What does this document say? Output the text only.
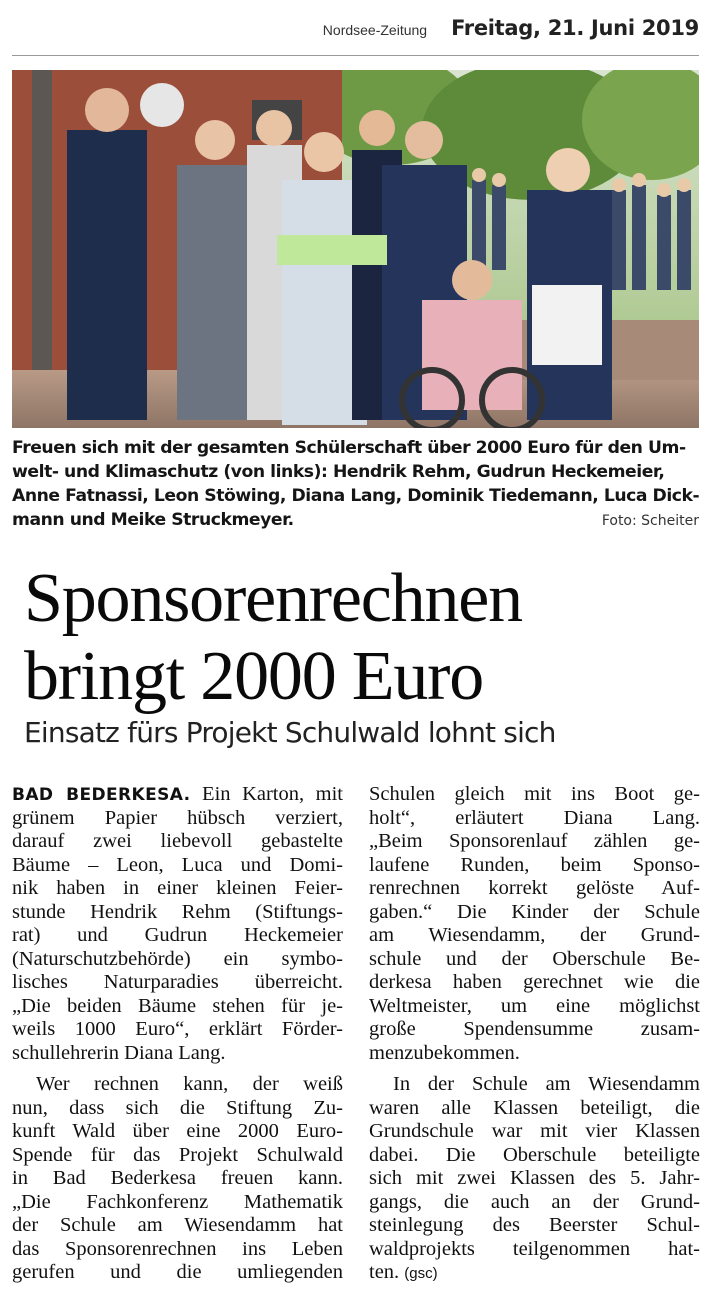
Nordsee-Zeitung Freitag, 21. Juni 2019
Freuen sich mit der gesamten Schülerschaft über 2000 Euro für den Um-
welt- und Klimaschutz (von links): Hendrik Rehm, Gudrun Heckemeier,
Anne Fatnassi, Leon Stöwing, Diana Lang, Dominik Tiedemann, Luca Dick-
mann und Meike Struckmeyer.	Foto: Scheiter
Sponsorenrechnen
bringt 2000 Euro
Einsatz fürs Projekt Schulwald lohnt sich
BAD BEDERKESA. Ein Karton, mit
grünem Papier hübsch verziert,
darauf zwei liebevoll gebastelte
Bäume – Leon, Luca und Domi-
nik haben in einer kleinen Feier-
stunde Hendrik Rehm (Stiftungs-
rat) und Gudrun Heckemeier
(Naturschutzbehörde) ein symbo-
lisches Naturparadies überreicht.
„Die beiden Bäume stehen für je-
weils 1000 Euro“, erklärt Förder-
schullehrerin Diana Lang.
Wer rechnen kann, der weiß
nun, dass sich die Stiftung Zu-
kunft Wald über eine 2000 Euro-
Spende für das Projekt Schulwald
in Bad Bederkesa freuen kann.
„Die Fachkonferenz Mathematik
der Schule am Wiesendamm hat
das Sponsorenrechnen ins Leben
gerufen und die umliegenden
Schulen gleich mit ins Boot ge-
holt“, erläutert Diana Lang.
„Beim Sponsorenlauf zählen ge-
laufene Runden, beim Sponso-
renrechnen korrekt gelöste Auf-
gaben.“ Die Kinder der Schule
am Wiesendamm, der Grund-
schule und der Oberschule Be-
derkesa haben gerechnet wie die
Weltmeister, um eine möglichst
große Spendensumme zusam-
menzubekommen.
In der Schule am Wiesendamm
waren alle Klassen beteiligt, die
Grundschule war mit vier Klassen
dabei. Die Oberschule beteiligte
sich mit zwei Klassen des 5. Jahr-
gangs, die auch an der Grund-
steinlegung des Beerster Schul-
waldprojekts teilgenommen hat-
ten. (gsc)
